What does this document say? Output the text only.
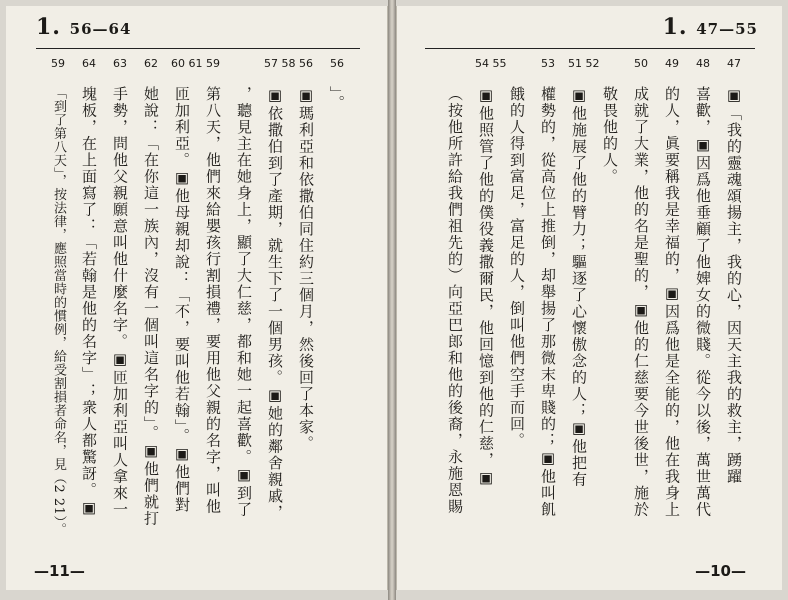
1. 56—64
56
」。
56
▣瑪利亞和依撒伯同住約三個月，然後回了本家。
57 58
▣依撒伯到了產期，就生下了一個男孩。▣她的鄰舍親戚，
，聽見主在她身上，顯了大仁慈，都和她一起喜歡。▣到了
59
第八天，他們來給嬰孩行割損禮，要用他父親的名字，叫他
60 61
匝加利亞。▣他母親却說：「不，要叫他若翰」。▣他們對
62
她說：「在你這一族內，沒有一個叫這名字的」。▣他們就打
63
手勢，問他父親願意叫他什麼名字。▣匝加利亞叫人拿來一
64
塊板，在上面寫了：「若翰是他的名字」；衆人都驚訝。▣
59
「到了第八天」，按法律，應照當時的慣例，給受割損者命名，見（2 21）。
—11—
1. 47—55
47
▣「我的靈魂頌揚主，我的心，因天主我的救主，踴躍
48
喜歡，▣因爲他垂顧了他婢女的微賤。從今以後，萬世萬代
49
的人，眞要稱我是幸福的，▣因爲他是全能的，他在我身上
50
成就了大業，他的名是聖的，▣他的仁慈要今世後世，施於
敬畏他的人。
51 52
▣他施展了他的臂力；驅逐了心懷傲念的人；▣他把有
53
權勢的，從高位上推倒，却舉揚了那微末卑賤的；▣他叫飢
餓的人得到富足，富足的人，倒叫他們空手而回。
54 55
▣他照管了他的僕役義撒爾民，他回憶到他的仁慈，▣
（按他所許給我們祖先的）向亞巴郎和他的後裔，永施恩賜
—10—
